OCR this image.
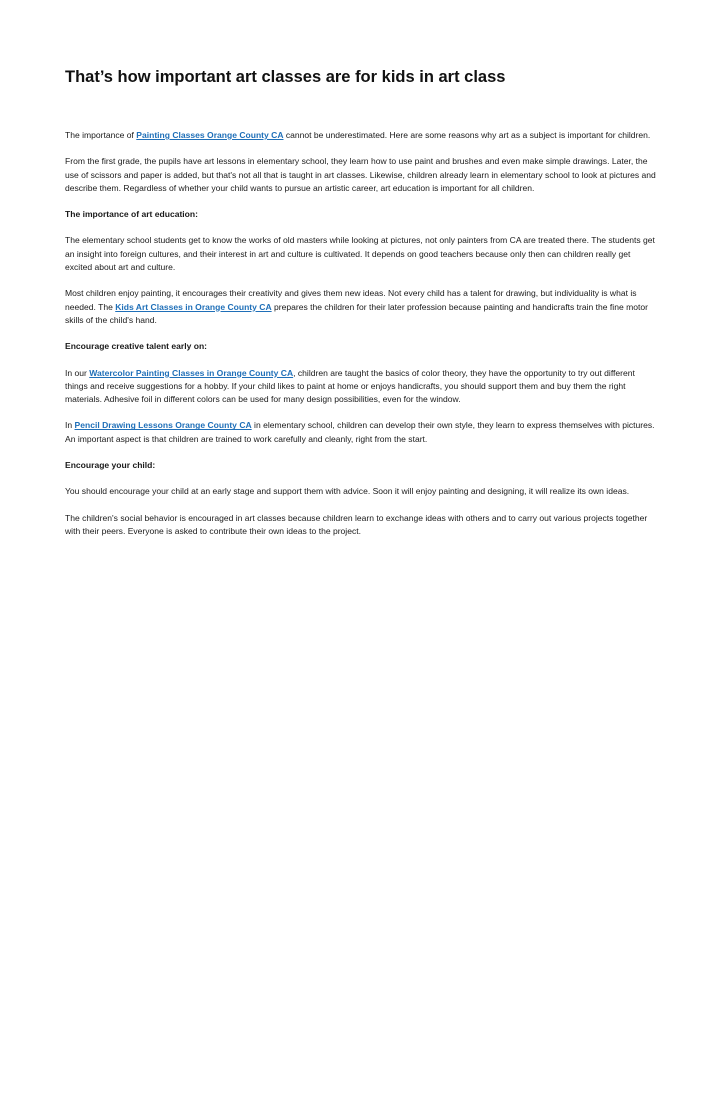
That’s how important art classes are for kids in art class

The importance of Painting Classes Orange County CA cannot be underestimated. Here are some reasons why art as a subject is important for children.

From the first grade, the pupils have art lessons in elementary school, they learn how to use paint and brushes and even make simple drawings. Later, the use of scissors and paper is added, but that's not all that is taught in art classes. Likewise, children already learn in elementary school to look at pictures and describe them. Regardless of whether your child wants to pursue an artistic career, art education is important for all children.

The importance of art education:

The elementary school students get to know the works of old masters while looking at pictures, not only painters from CA are treated there. The students get an insight into foreign cultures, and their interest in art and culture is cultivated. It depends on good teachers because only then can children really get excited about art and culture.

Most children enjoy painting, it encourages their creativity and gives them new ideas. Not every child has a talent for drawing, but individuality is what is needed. The Kids Art Classes in Orange County CA prepares the children for their later profession because painting and handicrafts train the fine motor skills of the child's hand.

Encourage creative talent early on:

In our Watercolor Painting Classes in Orange County CA, children are taught the basics of color theory, they have the opportunity to try out different things and receive suggestions for a hobby. If your child likes to paint at home or enjoys handicrafts, you should support them and buy them the right materials. Adhesive foil in different colors can be used for many design possibilities, even for the window.

In Pencil Drawing Lessons Orange County CA in elementary school, children can develop their own style, they learn to express themselves with pictures. An important aspect is that children are trained to work carefully and cleanly, right from the start.

Encourage your child:

You should encourage your child at an early stage and support them with advice. Soon it will enjoy painting and designing, it will realize its own ideas.

The children's social behavior is encouraged in art classes because children learn to exchange ideas with others and to carry out various projects together with their peers. Everyone is asked to contribute their own ideas to the project.
